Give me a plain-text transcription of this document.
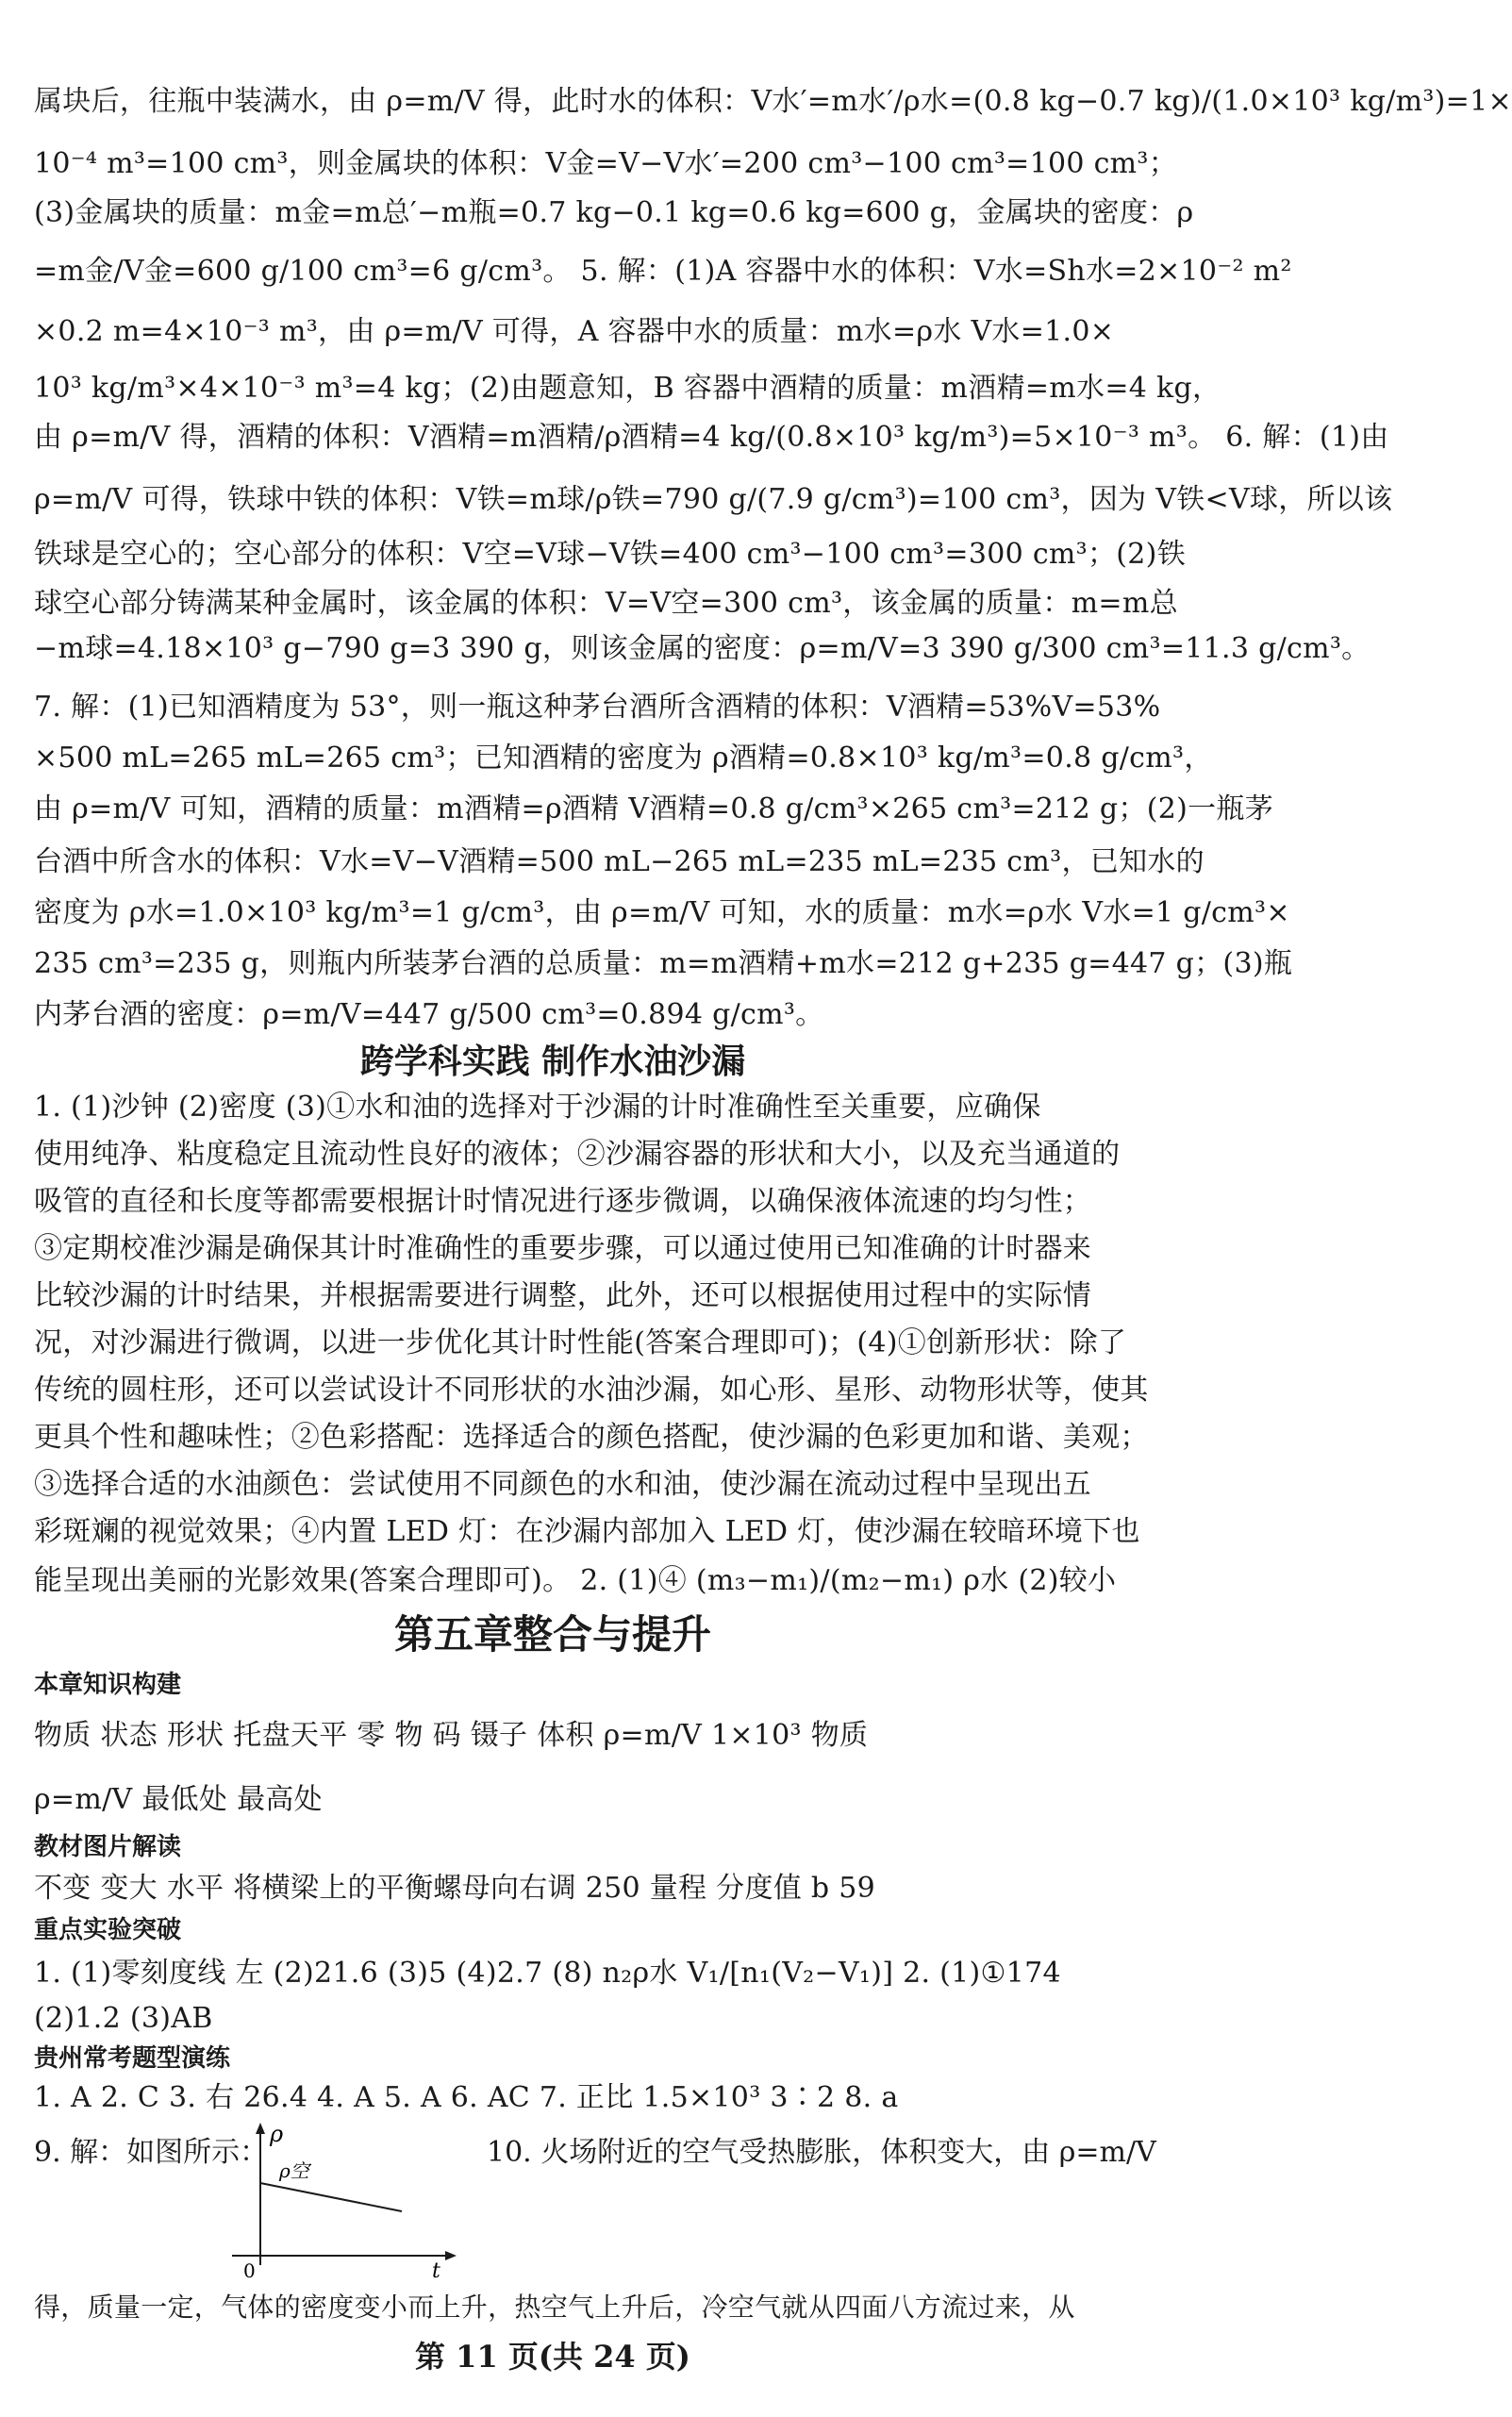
属块后，往瓶中装满水，由 ρ=m/V 得，此时水的体积：V水′=m水′/ρ水=(0.8 kg−0.7 kg)/(1.0×10³ kg/m³)=1×
10⁻⁴ m³=100 cm³，则金属块的体积：V金=V−V水′=200 cm³−100 cm³=100 cm³；
(3)金属块的质量：m金=m总′−m瓶=0.7 kg−0.1 kg=0.6 kg=600 g，金属块的密度：ρ
=m金/V金=600 g/100 cm³=6 g/cm³。 5. 解：(1)A 容器中水的体积：V水=Sh水=2×10⁻² m²
×0.2 m=4×10⁻³ m³，由 ρ=m/V 可得，A 容器中水的质量：m水=ρ水 V水=1.0×
10³ kg/m³×4×10⁻³ m³=4 kg；(2)由题意知，B 容器中酒精的质量：m酒精=m水=4 kg，
由 ρ=m/V 得，酒精的体积：V酒精=m酒精/ρ酒精=4 kg/(0.8×10³ kg/m³)=5×10⁻³ m³。 6. 解：(1)由
ρ=m/V 可得，铁球中铁的体积：V铁=m球/ρ铁=790 g/(7.9 g/cm³)=100 cm³，因为 V铁<V球，所以该
铁球是空心的；空心部分的体积：V空=V球−V铁=400 cm³−100 cm³=300 cm³；(2)铁
球空心部分铸满某种金属时，该金属的体积：V=V空=300 cm³，该金属的质量：m=m总
−m球=4.18×10³ g−790 g=3 390 g，则该金属的密度：ρ=m/V=3 390 g/300 cm³=11.3 g/cm³。
7. 解：(1)已知酒精度为 53°，则一瓶这种茅台酒所含酒精的体积：V酒精=53%V=53%
×500 mL=265 mL=265 cm³；已知酒精的密度为 ρ酒精=0.8×10³ kg/m³=0.8 g/cm³，
由 ρ=m/V 可知，酒精的质量：m酒精=ρ酒精 V酒精=0.8 g/cm³×265 cm³=212 g；(2)一瓶茅
台酒中所含水的体积：V水=V−V酒精=500 mL−265 mL=235 mL=235 cm³，已知水的
密度为 ρ水=1.0×10³ kg/m³=1 g/cm³，由 ρ=m/V 可知，水的质量：m水=ρ水 V水=1 g/cm³×
235 cm³=235 g，则瓶内所装茅台酒的总质量：m=m酒精+m水=212 g+235 g=447 g；(3)瓶
内茅台酒的密度：ρ=m/V=447 g/500 cm³=0.894 g/cm³。
跨学科实践 制作水油沙漏
1. (1)沙钟 (2)密度 (3)①水和油的选择对于沙漏的计时准确性至关重要，应确保
使用纯净、粘度稳定且流动性良好的液体；②沙漏容器的形状和大小，以及充当通道的
吸管的直径和长度等都需要根据计时情况进行逐步微调，以确保液体流速的均匀性；
③定期校准沙漏是确保其计时准确性的重要步骤，可以通过使用已知准确的计时器来
比较沙漏的计时结果，并根据需要进行调整，此外，还可以根据使用过程中的实际情
况，对沙漏进行微调，以进一步优化其计时性能(答案合理即可)；(4)①创新形状：除了
传统的圆柱形，还可以尝试设计不同形状的水油沙漏，如心形、星形、动物形状等，使其
更具个性和趣味性；②色彩搭配：选择适合的颜色搭配，使沙漏的色彩更加和谐、美观；
③选择合适的水油颜色：尝试使用不同颜色的水和油，使沙漏在流动过程中呈现出五
彩斑斓的视觉效果；④内置 LED 灯：在沙漏内部加入 LED 灯，使沙漏在较暗环境下也
能呈现出美丽的光影效果(答案合理即可)。 2. (1)④ (m₃−m₁)/(m₂−m₁) ρ水 (2)较小
第五章整合与提升
本章知识构建
物质 状态 形状 托盘天平 零 物 码 镊子 体积 ρ=m/V 1×10³ 物质
ρ=m/V 最低处 最高处
教材图片解读
不变 变大 水平 将横梁上的平衡螺母向右调 250 量程 分度值 b 59
重点实验突破
1. (1)零刻度线 左 (2)21.6 (3)5 (4)2.7 (8) n₂ρ水 V₁/[n₁(V₂−V₁)] 2. (1)①174
(2)1.2 (3)AB
贵州常考题型演练
1. A 2. C 3. 右 26.4 4. A 5. A 6. AC 7. 正比 1.5×10³ 3∶2 8. a
9. 解：如图所示：
ρ
ρ空
0	t
10. 火场附近的空气受热膨胀，体积变大，由 ρ=m/V
得，质量一定，气体的密度变小而上升，热空气上升后，冷空气就从四面八方流过来，从
第 11 页(共 24 页)
